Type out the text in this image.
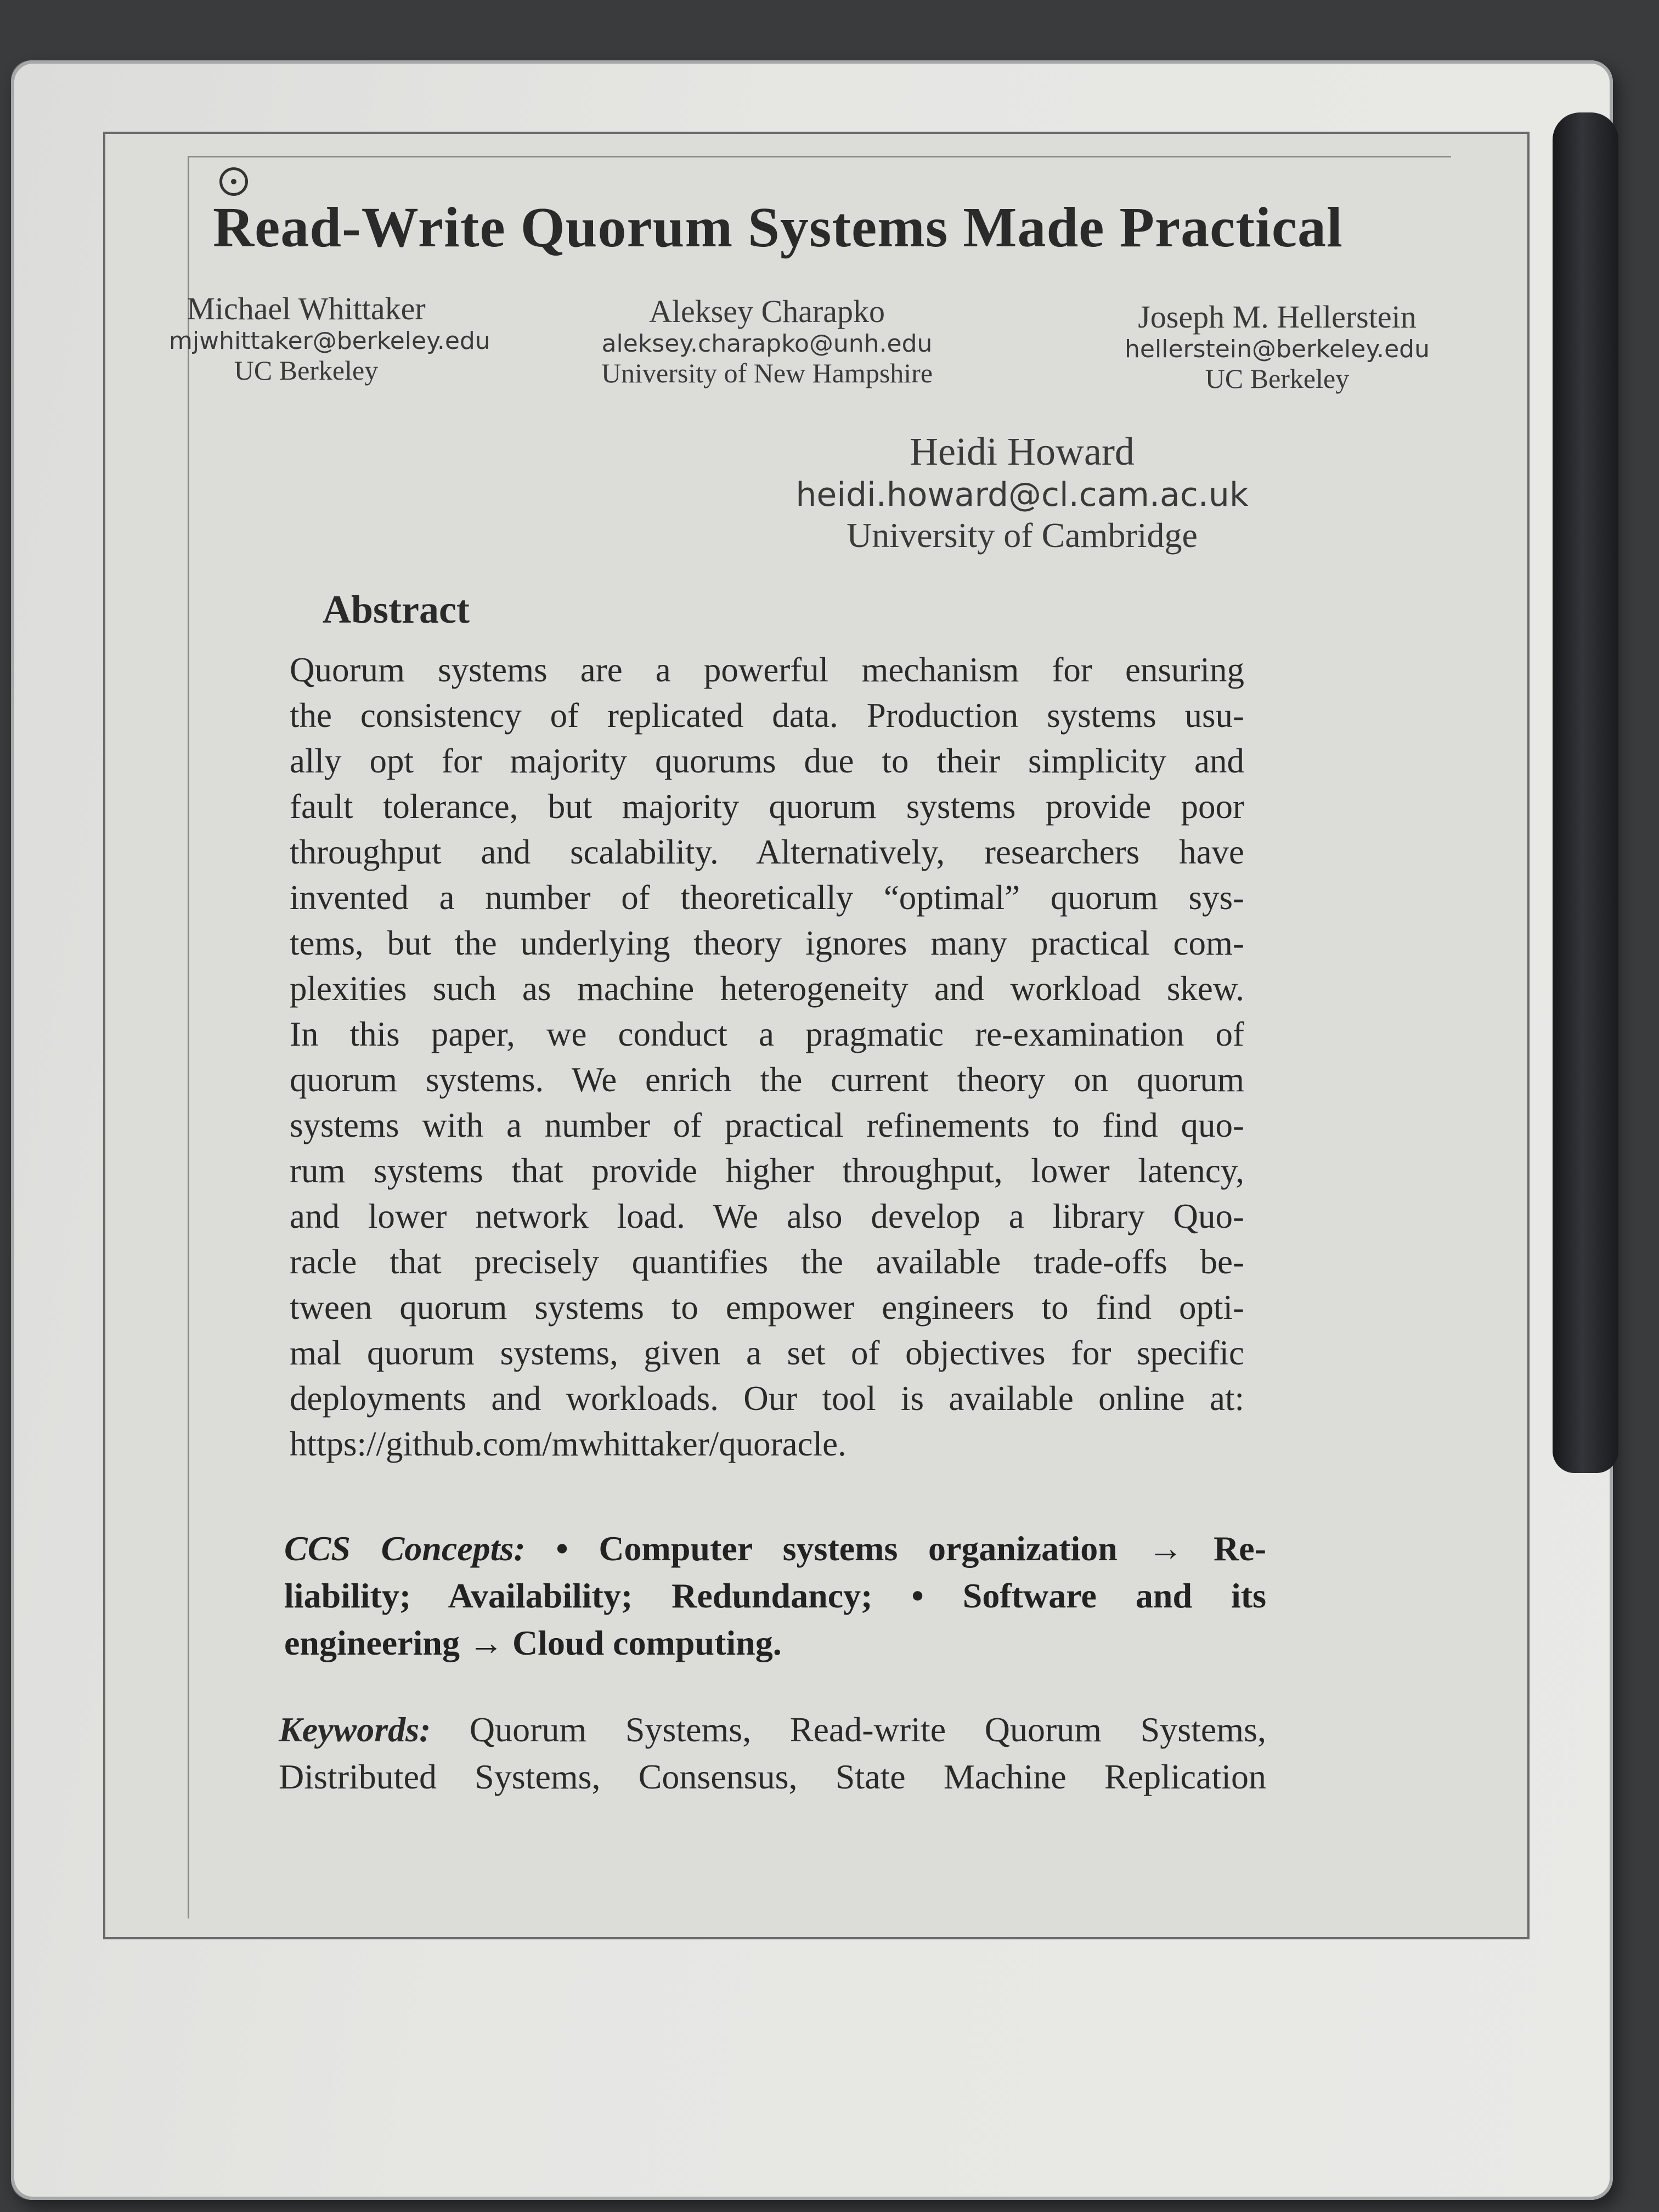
Read-Write Quorum Systems Made Practical
Michael Whittaker
mjwhittaker@berkeley.edu
UC Berkeley
Aleksey Charapko
aleksey.charapko@unh.edu
University of New Hampshire
Joseph M. Hellerstein
hellerstein@berkeley.edu
UC Berkeley
Heidi Howard
heidi.howard@cl.cam.ac.uk
University of Cambridge
Abstract
Quorum systems are a powerful mechanism for ensuring
the consistency of replicated data. Production systems usu-
ally opt for majority quorums due to their simplicity and
fault tolerance, but majority quorum systems provide poor
throughput and scalability. Alternatively, researchers have
invented a number of theoretically “optimal” quorum sys-
tems, but the underlying theory ignores many practical com-
plexities such as machine heterogeneity and workload skew.
In this paper, we conduct a pragmatic re-examination of
quorum systems. We enrich the current theory on quorum
systems with a number of practical refinements to find quo-
rum systems that provide higher throughput, lower latency,
and lower network load. We also develop a library Quo-
racle that precisely quantifies the available trade-offs be-
tween quorum systems to empower engineers to find opti-
mal quorum systems, given a set of objectives for specific
deployments and workloads. Our tool is available online at:
https://github.com/mwhittaker/quoracle.
CCS Concepts: • Computer systems organization → Re-
liability; Availability; Redundancy; • Software and its
engineering → Cloud computing.
Keywords: Quorum Systems, Read-write Quorum Systems,
Distributed Systems, Consensus, State Machine Replication
